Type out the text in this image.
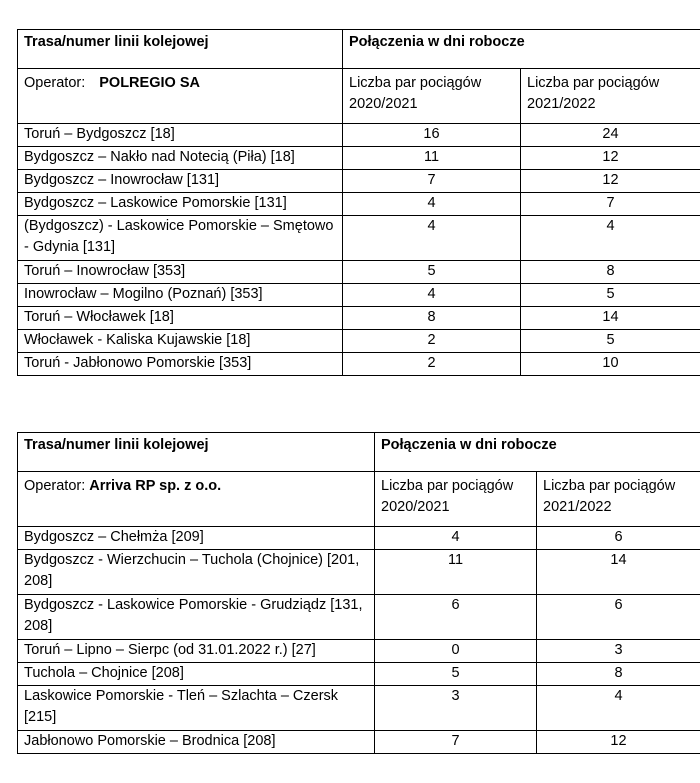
Trasa/numer linii kolejowej	Połączenia w dni robocze	
Operator: POLREGIO SA	Liczba par pociągów 2020/2021	Liczba par pociągów 2021/2022
Toruń – Bydgoszcz [18]	16	24
Bydgoszcz – Nakło nad Notecią (Piła) [18]	11	12
Bydgoszcz – Inowrocław [131]	7	12
Bydgoszcz – Laskowice Pomorskie [131]	4	7
(Bydgoszcz) - Laskowice Pomorskie – Smętowo - Gdynia [131]	4	4
Toruń – Inowrocław [353]	5	8
Inowrocław – Mogilno (Poznań) [353]	4	5
Toruń – Włocławek [18]	8	14
Włocławek - Kaliska Kujawskie [18]	2	5
Toruń - Jabłonowo Pomorskie [353]	2	10
Trasa/numer linii kolejowej	Połączenia w dni robocze	
Operator: Arriva RP sp. z o.o.	Liczba par pociągów 2020/2021	Liczba par pociągów 2021/2022
Bydgoszcz – Chełmża [209]	4	6
Bydgoszcz - Wierzchucin – Tuchola (Chojnice) [201, 208]	11	14
Bydgoszcz - Laskowice Pomorskie - Grudziądz [131, 208]	6	6
Toruń – Lipno – Sierpc (od 31.01.2022 r.) [27]	0	3
Tuchola – Chojnice [208]	5	8
Laskowice Pomorskie - Tleń – Szlachta – Czersk [215]	3	4
Jabłonowo Pomorskie – Brodnica [208]	7	12
